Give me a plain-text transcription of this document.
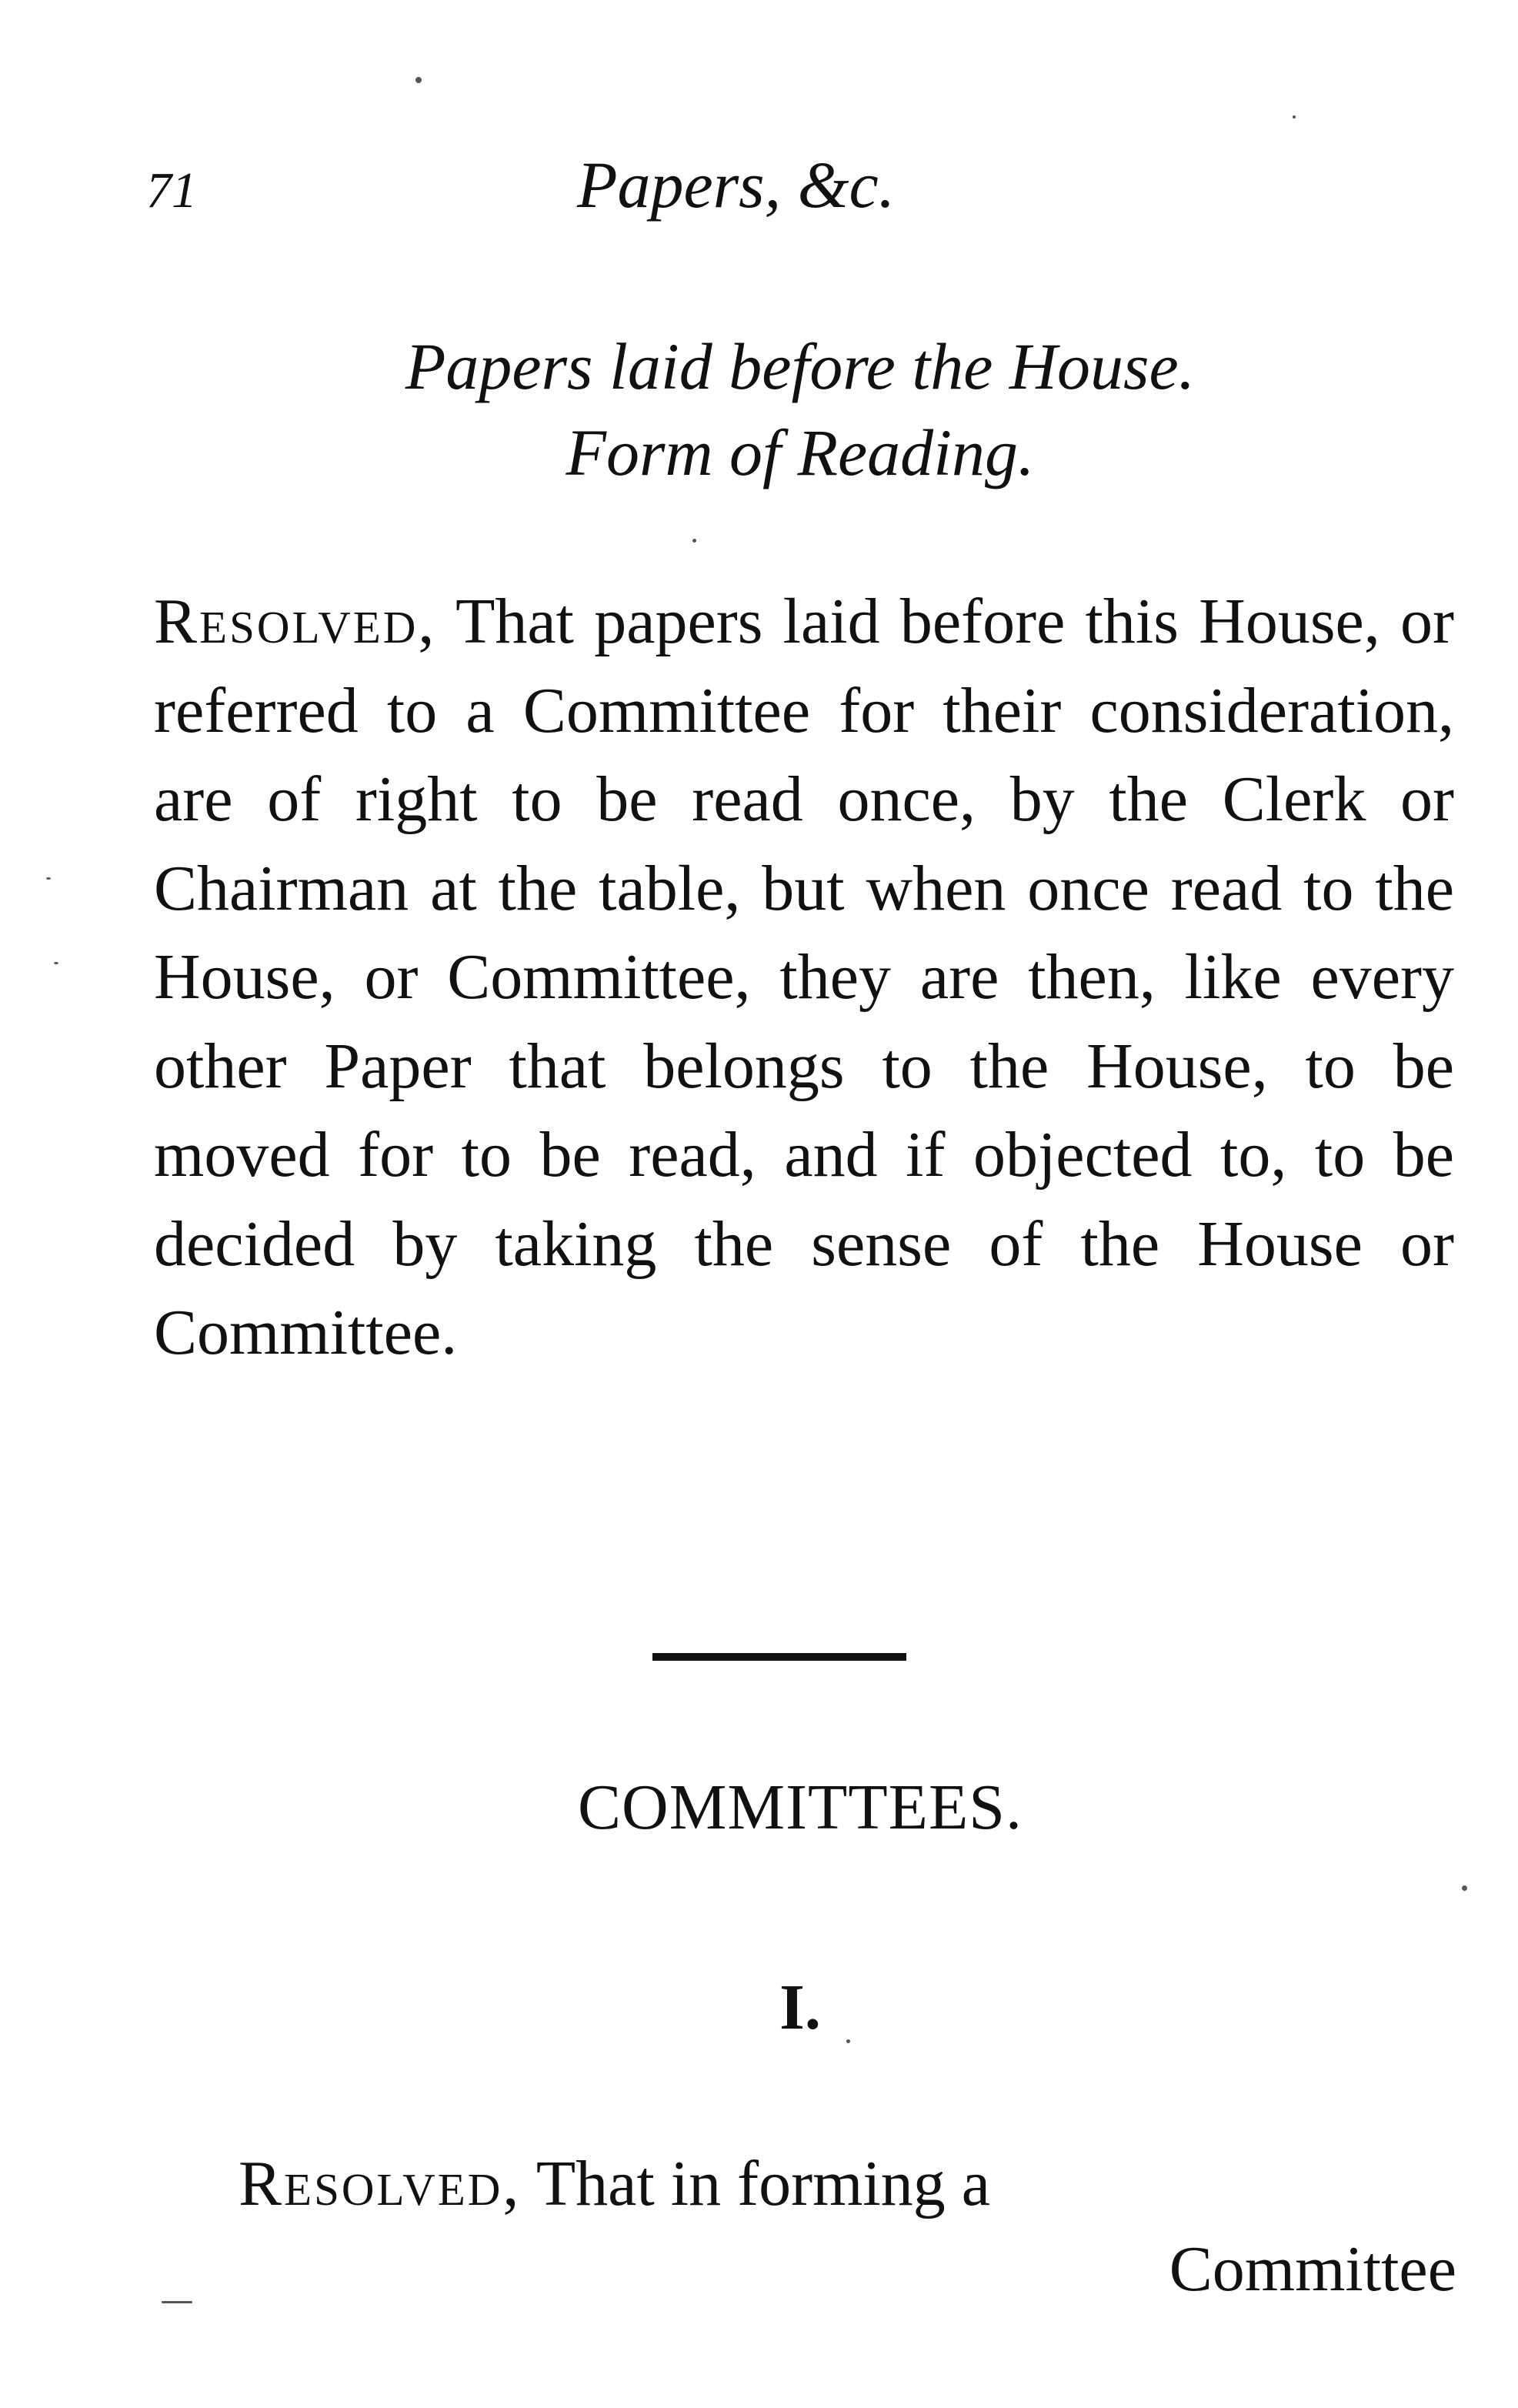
71	Papers, &c.
Papers laid before the House.
Form of Reading.

Resolved, That papers laid before this House, or referred to a Committee for their consideration, are of right to be read once, by the Clerk or Chairman at the table, but when once read to the House, or Committee, they are then, like every other Paper that belongs to the House, to be moved for to be read, and if objected to, to be decided by taking the sense of the House or Committee.

COMMITTEES.
I.

Resolved, That in forming a

Committee
